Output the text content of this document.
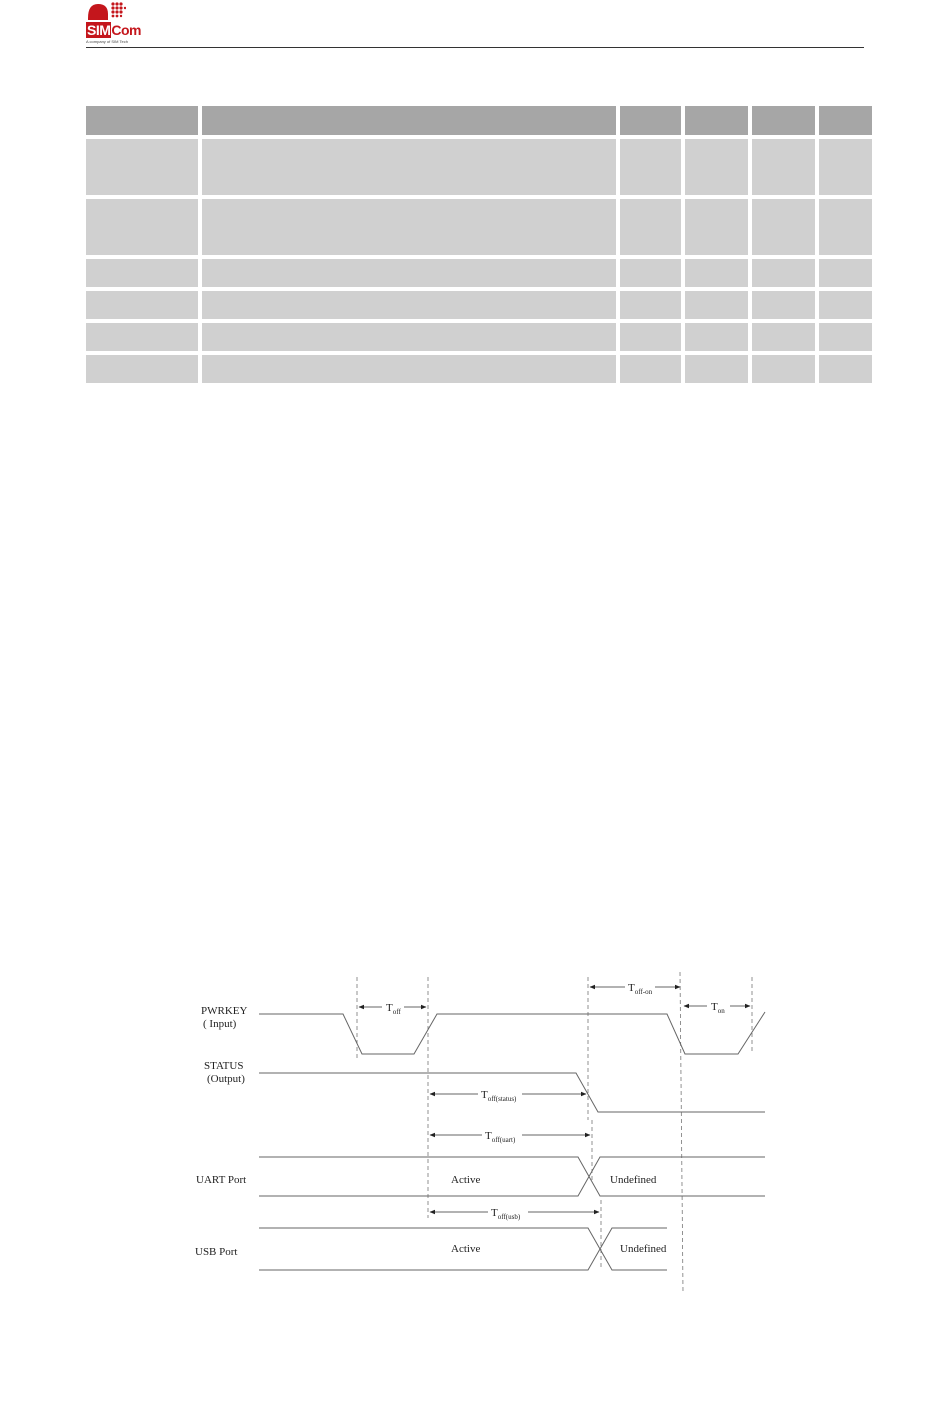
SIMCom
A company of SIM Tech

$T_{off}$
$T_{off-on}$
$T_{on}$
$T_{off(status)}$
$T_{off(uart)}$
$T_{off(usb)}$
PWRKEY
( Input)
STATUS
(Output)
UART Port
USB Port
Active	Undefined
Active	Undefined
